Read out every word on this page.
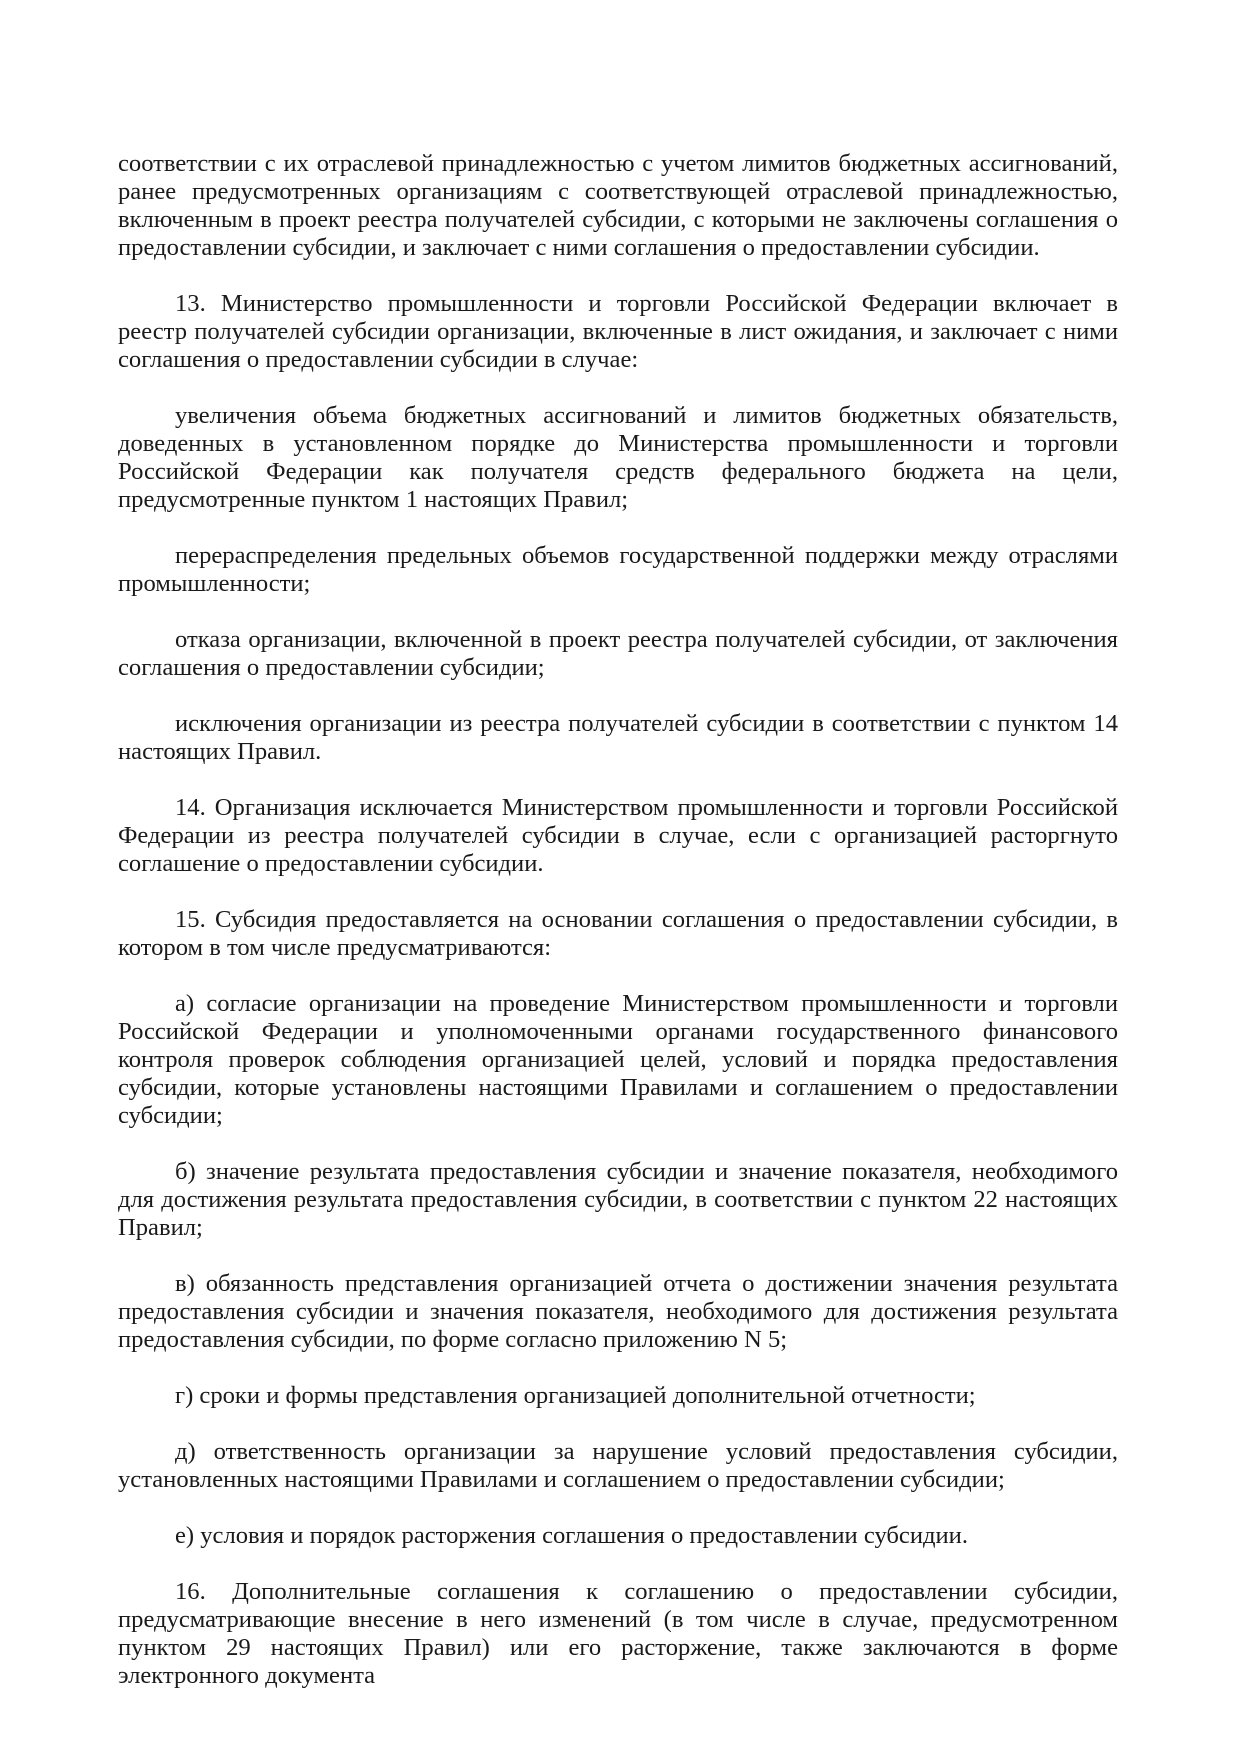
соответствии с их отраслевой принадлежностью с учетом лимитов бюджетных ассигнований, ранее предусмотренных организациям с соответствующей отраслевой принадлежностью, включенным в проект реестра получателей субсидии, с которыми не заключены соглашения о предоставлении субсидии, и заключает с ними соглашения о предоставлении субсидии.

13. Министерство промышленности и торговли Российской Федерации включает в реестр получателей субсидии организации, включенные в лист ожидания, и заключает с ними соглашения о предоставлении субсидии в случае:

увеличения объема бюджетных ассигнований и лимитов бюджетных обязательств, доведенных в установленном порядке до Министерства промышленности и торговли Российской Федерации как получателя средств федерального бюджета на цели, предусмотренные пунктом 1 настоящих Правил;

перераспределения предельных объемов государственной поддержки между отраслями промышленности;

отказа организации, включенной в проект реестра получателей субсидии, от заключения соглашения о предоставлении субсидии;

исключения организации из реестра получателей субсидии в соответствии с пунктом 14 настоящих Правил.

14. Организация исключается Министерством промышленности и торговли Российской Федерации из реестра получателей субсидии в случае, если с организацией расторгнуто соглашение о предоставлении субсидии.

15. Субсидия предоставляется на основании соглашения о предоставлении субсидии, в котором в том числе предусматриваются:

а) согласие организации на проведение Министерством промышленности и торговли Российской Федерации и уполномоченными органами государственного финансового контроля проверок соблюдения организацией целей, условий и порядка предоставления субсидии, которые установлены настоящими Правилами и соглашением о предоставлении субсидии;

б) значение результата предоставления субсидии и значение показателя, необходимого для достижения результата предоставления субсидии, в соответствии с пунктом 22 настоящих Правил;

в) обязанность представления организацией отчета о достижении значения результата предоставления субсидии и значения показателя, необходимого для достижения результата предоставления субсидии, по форме согласно приложению N 5;

г) сроки и формы представления организацией дополнительной отчетности;

д) ответственность организации за нарушение условий предоставления субсидии, установленных настоящими Правилами и соглашением о предоставлении субсидии;

е) условия и порядок расторжения соглашения о предоставлении субсидии.

16. Дополнительные соглашения к соглашению о предоставлении субсидии, предусматривающие внесение в него изменений (в том числе в случае, предусмотренном пунктом 29 настоящих Правил) или его расторжение, также заключаются в форме электронного документа
